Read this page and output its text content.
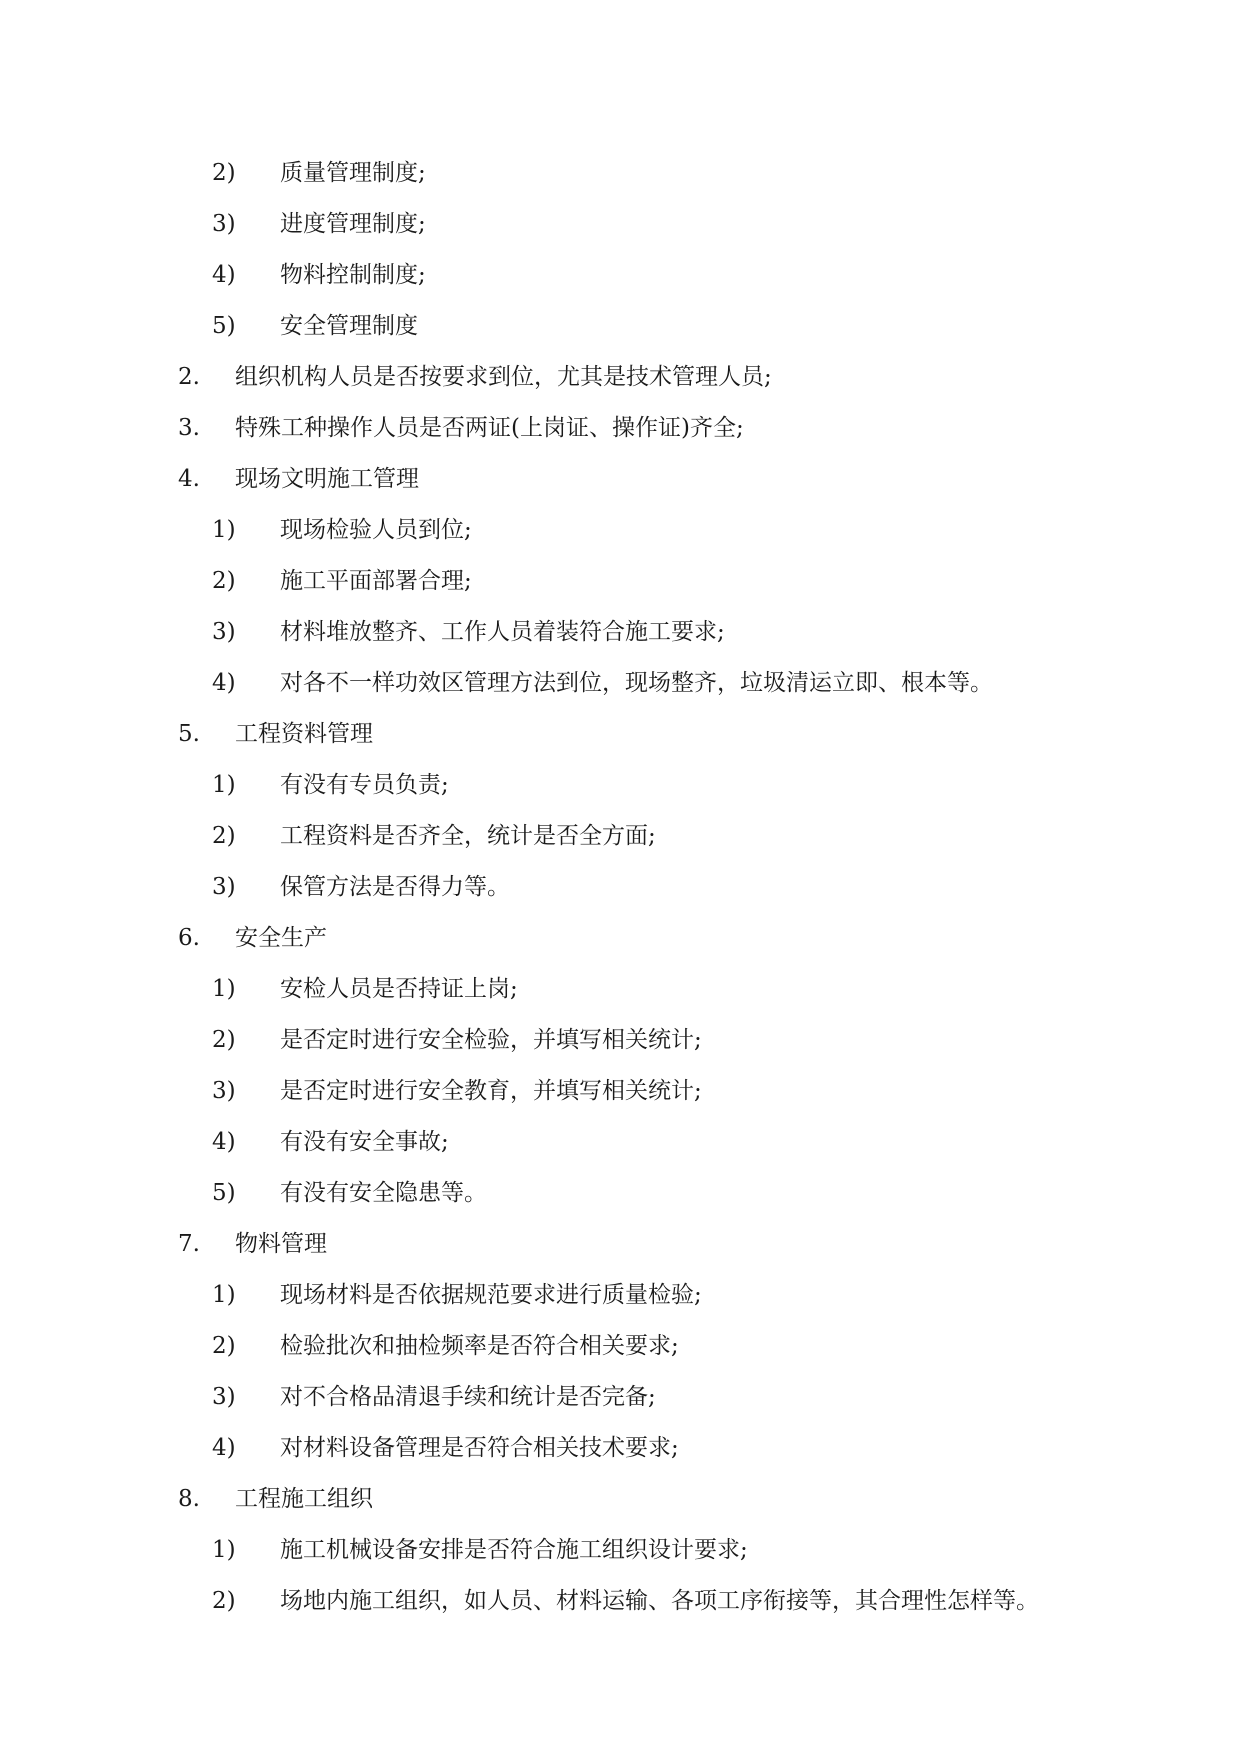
2) 质量管理制度;
3) 进度管理制度;
4) 物料控制制度;
5) 安全管理制度
2. 组织机构人员是否按要求到位，尤其是技术管理人员;
3. 特殊工种操作人员是否两证(上岗证、操作证)齐全;
4. 现场文明施工管理
1) 现场检验人员到位;
2) 施工平面部署合理;
3) 材料堆放整齐、工作人员着装符合施工要求;
4) 对各不一样功效区管理方法到位，现场整齐，垃圾清运立即、根本等。
5. 工程资料管理
1) 有没有专员负责;
2) 工程资料是否齐全，统计是否全方面;
3) 保管方法是否得力等。
6. 安全生产
1) 安检人员是否持证上岗;
2) 是否定时进行安全检验，并填写相关统计;
3) 是否定时进行安全教育，并填写相关统计;
4) 有没有安全事故;
5) 有没有安全隐患等。
7. 物料管理
1) 现场材料是否依据规范要求进行质量检验;
2) 检验批次和抽检频率是否符合相关要求;
3) 对不合格品清退手续和统计是否完备;
4) 对材料设备管理是否符合相关技术要求;
8. 工程施工组织
1) 施工机械设备安排是否符合施工组织设计要求;
2) 场地内施工组织，如人员、材料运输、各项工序衔接等，其合理性怎样等。
